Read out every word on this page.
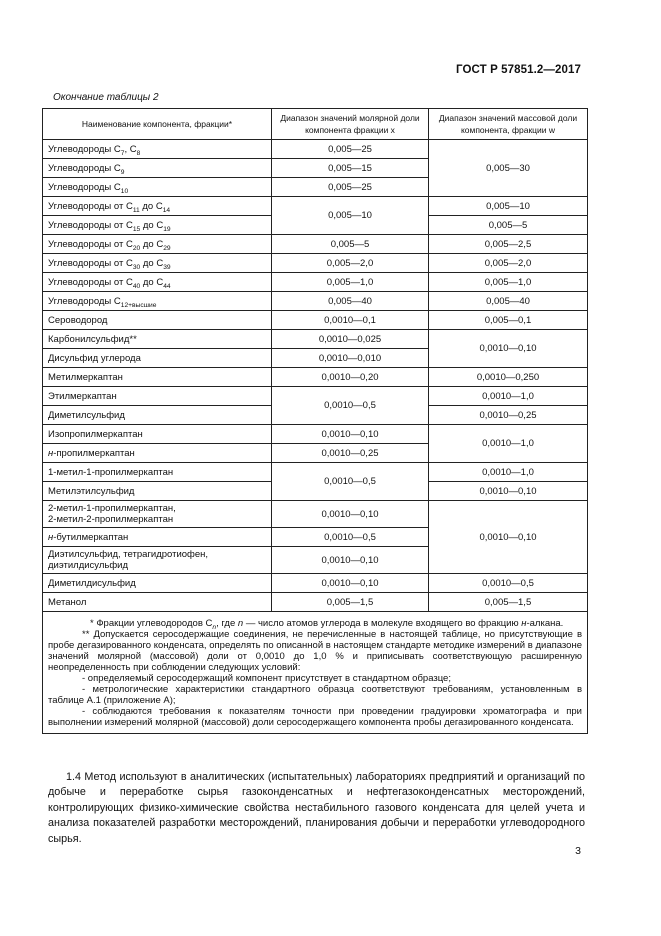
ГОСТ Р 57851.2—2017
Окончание таблицы 2
Наименование компонента, фракции*	Диапазон значений молярной доли компонента фракции x	Диапазон значений массовой доли компонента, фракции w
Углеводороды $C_7$, $C_8$	0,005—25	0,005—30
Углеводороды $C_9$	0,005—15	
Углеводороды $C_{10}$	0,005—25	
Углеводороды от $C_{11}$ до $C_{14}$	0,005—10	0,005—10
Углеводороды от $C_{15}$ до $C_{19}$		0,005—5
Углеводороды от $C_{20}$ до $C_{29}$	0,005—5	0,005—2,5
Углеводороды от $C_{30}$ до $C_{39}$	0,005—2,0	0,005—2,0
Углеводороды от $C_{40}$ до $C_{44}$	0,005—1,0	0,005—1,0
Углеводороды $C_{12+высшие}$	0,005—40	0,005—40
Сероводород	0,0010—0,1	0,005—0,1
Карбонилсульфид**	0,0010—0,025	0,0010—0,10
Дисульфид углерода	0,0010—0,010	
Метилмеркаптан	0,0010—0,20	0,0010—0,250
Этилмеркаптан	0,0010—0,5	0,0010—1,0
Диметилсульфид		0,0010—0,25
Изопропилмеркаптан	0,0010—0,10	0,0010—1,0
н-пропилмеркаптан	0,0010—0,25	
1-метил-1-пропилмеркаптан	0,0010—0,5	0,0010—1,0
Метилэтилсульфид		0,0010—0,10
2-метил-1-пропилмеркаптан,
2-метил-2-пропилмеркаптан	0,0010—0,10	0,0010—0,10
н-бутилмеркаптан	0,0010—0,5	
Диэтилсульфид, тетрагидротиофен,
диэтилдисульфид	0,0010—0,10	
Диметилдисульфид	0,0010—0,10	0,0010—0,5
Метанол	0,005—1,5	0,005—1,5

* Фракции углеводородов $C_n$, где n — число атомов углерода в молекуле входящего во фракцию н-алкана.

** Допускается серосодержащие соединения, не перечисленные в настоящей таблице, но присутствующие в пробе дегазированного конденсата, определять по описанной в настоящем стандарте методике измерений в диапазоне значений молярной (массовой) доли от 0,0010 до 1,0 % и приписывать соответствующую расширенную неопределенность при соблюдении следующих условий:

- определяемый серосодержащий компонент присутствует в стандартном образце;

- метрологические характеристики стандартного образца соответствуют требованиям, установленным в таблице А.1 (приложение А);

- соблюдаются требования к показателям точности при проведении градуировки хроматографа и при выполнении измерений молярной (массовой) доли серосодержащего компонента пробы дегазированного конденсата.		

1.4 Метод используют в аналитических (испытательных) лабораториях предприятий и организаций по добыче и переработке сырья газоконденсатных и нефтегазоконденсатных месторождений, контролирующих физико-химические свойства нестабильного газового конденсата для целей учета и анализа показателей разработки месторождений, планирования добычи и переработки углеводородного сырья.

3
